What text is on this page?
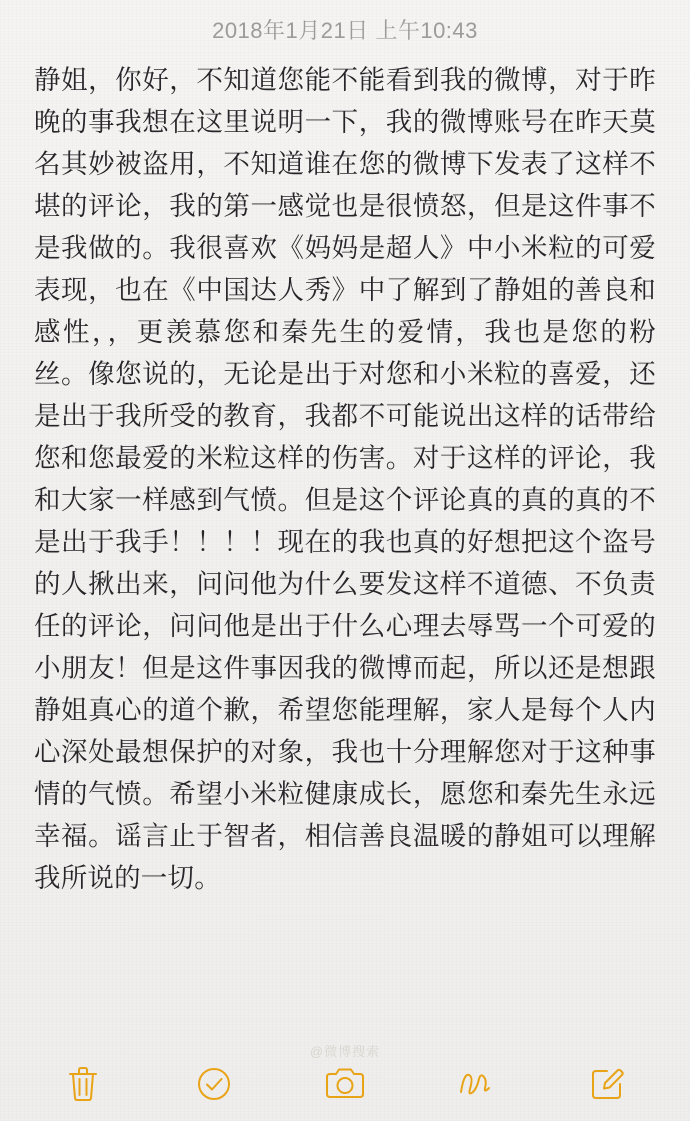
2018年1月21日 上午10:43
静姐，你好，不知道您能不能看到我的微博，对于昨晚的事我想在这里说明一下，我的微博账号在昨天莫名其妙被盗用，不知道谁在您的微博下发表了这样不堪的评论，我的第一感觉也是很愤怒，但是这件事不是我做的。我很喜欢《妈妈是超人》中小米粒的可爱表现，也在《中国达人秀》中了解到了静姐的善良和感性，，更羡慕您和秦先生的爱情，我也是您的粉丝。像您说的，无论是出于对您和小米粒的喜爱，还是出于我所受的教育，我都不可能说出这样的话带给您和您最爱的米粒这样的伤害。对于这样的评论，我和大家一样感到气愤。但是这个评论真的真的真的不是出于我手！！！！现在的我也真的好想把这个盗号的人揪出来，问问他为什么要发这样不道德、不负责任的评论，问问他是出于什么心理去辱骂一个可爱的小朋友！但是这件事因我的微博而起，所以还是想跟静姐真心的道个歉，希望您能理解，家人是每个人内心深处最想保护的对象，我也十分理解您对于这种事情的气愤。希望小米粒健康成长，愿您和秦先生永远幸福。谣言止于智者，相信善良温暖的静姐可以理解我所说的一切。
@微博搜索
